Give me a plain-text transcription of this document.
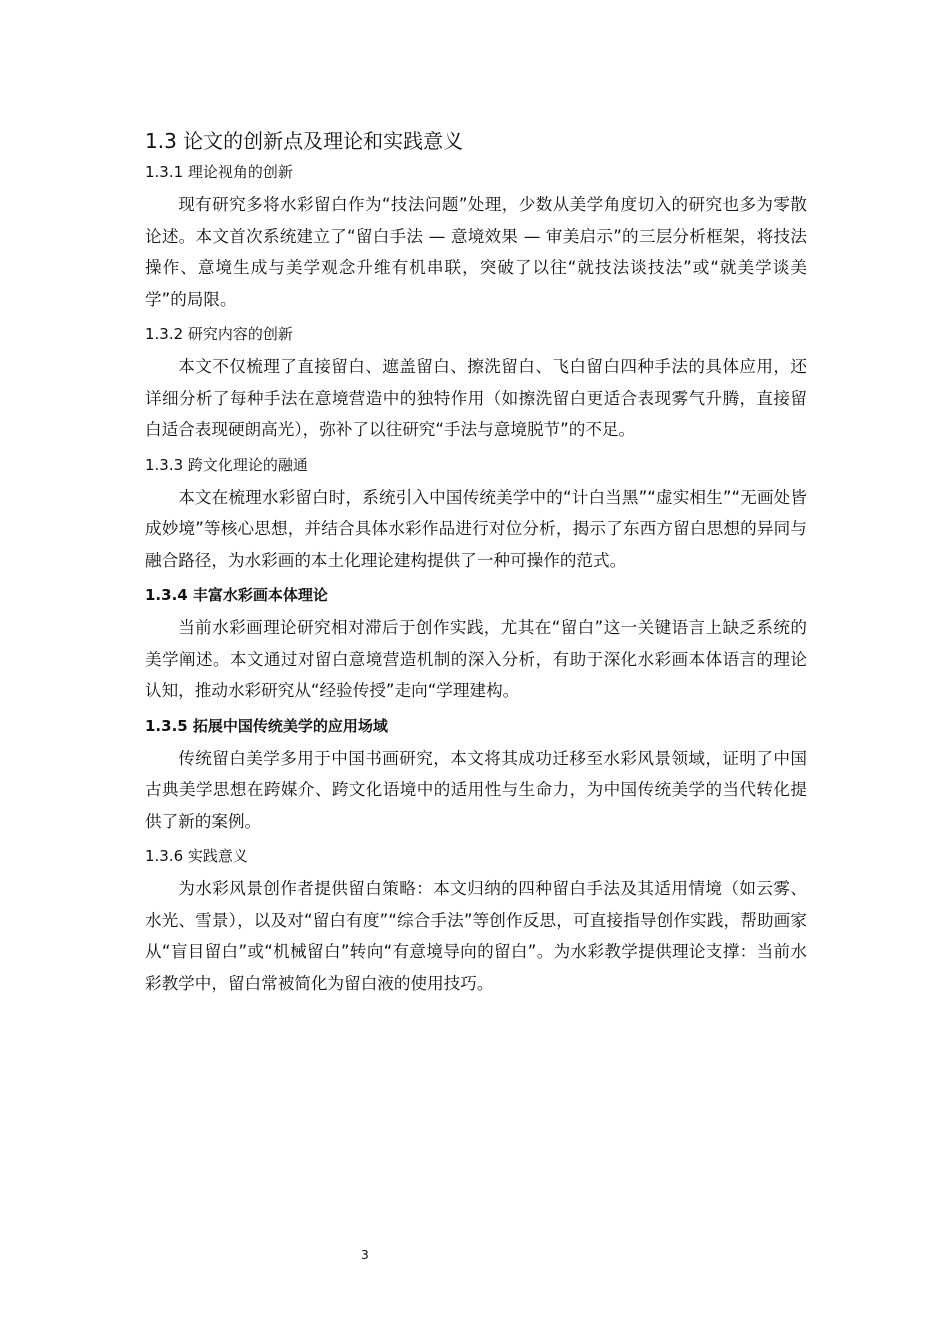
1.3 论文的创新点及理论和实践意义
1.3.1 理论视角的创新

现有研究多将水彩留白作为“技法问题”处理，少数从美学角度切入的研究也多为零散论述。本文首次系统建立了“留白手法 — 意境效果 — 审美启示”的三层分析框架，将技法操作、意境生成与美学观念升维有机串联，突破了以往“就技法谈技法”或“就美学谈美学”的局限。

1.3.2 研究内容的创新

本文不仅梳理了直接留白、遮盖留白、擦洗留白、飞白留白四种手法的具体应用，还详细分析了每种手法在意境营造中的独特作用（如擦洗留白更适合表现雾气升腾，直接留白适合表现硬朗高光），弥补了以往研究“手法与意境脱节”的不足。

1.3.3 跨文化理论的融通

本文在梳理水彩留白时，系统引入中国传统美学中的“计白当黑”“虚实相生”“无画处皆成妙境”等核心思想，并结合具体水彩作品进行对位分析，揭示了东西方留白思想的异同与融合路径，为水彩画的本土化理论建构提供了一种可操作的范式。

1.3.4 丰富水彩画本体理论

当前水彩画理论研究相对滞后于创作实践，尤其在“留白”这一关键语言上缺乏系统的美学阐述。本文通过对留白意境营造机制的深入分析，有助于深化水彩画本体语言的理论认知，推动水彩研究从“经验传授”走向“学理建构。

1.3.5 拓展中国传统美学的应用场域

传统留白美学多用于中国书画研究，本文将其成功迁移至水彩风景领域，证明了中国古典美学思想在跨媒介、跨文化语境中的适用性与生命力，为中国传统美学的当代转化提供了新的案例。

1.3.6 实践意义

为水彩风景创作者提供留白策略：本文归纳的四种留白手法及其适用情境（如云雾、水光、雪景），以及对“留白有度”“综合手法”等创作反思，可直接指导创作实践，帮助画家从“盲目留白”或“机械留白”转向“有意境导向的留白”。为水彩教学提供理论支撑：当前水彩教学中，留白常被简化为留白液的使用技巧。

3
